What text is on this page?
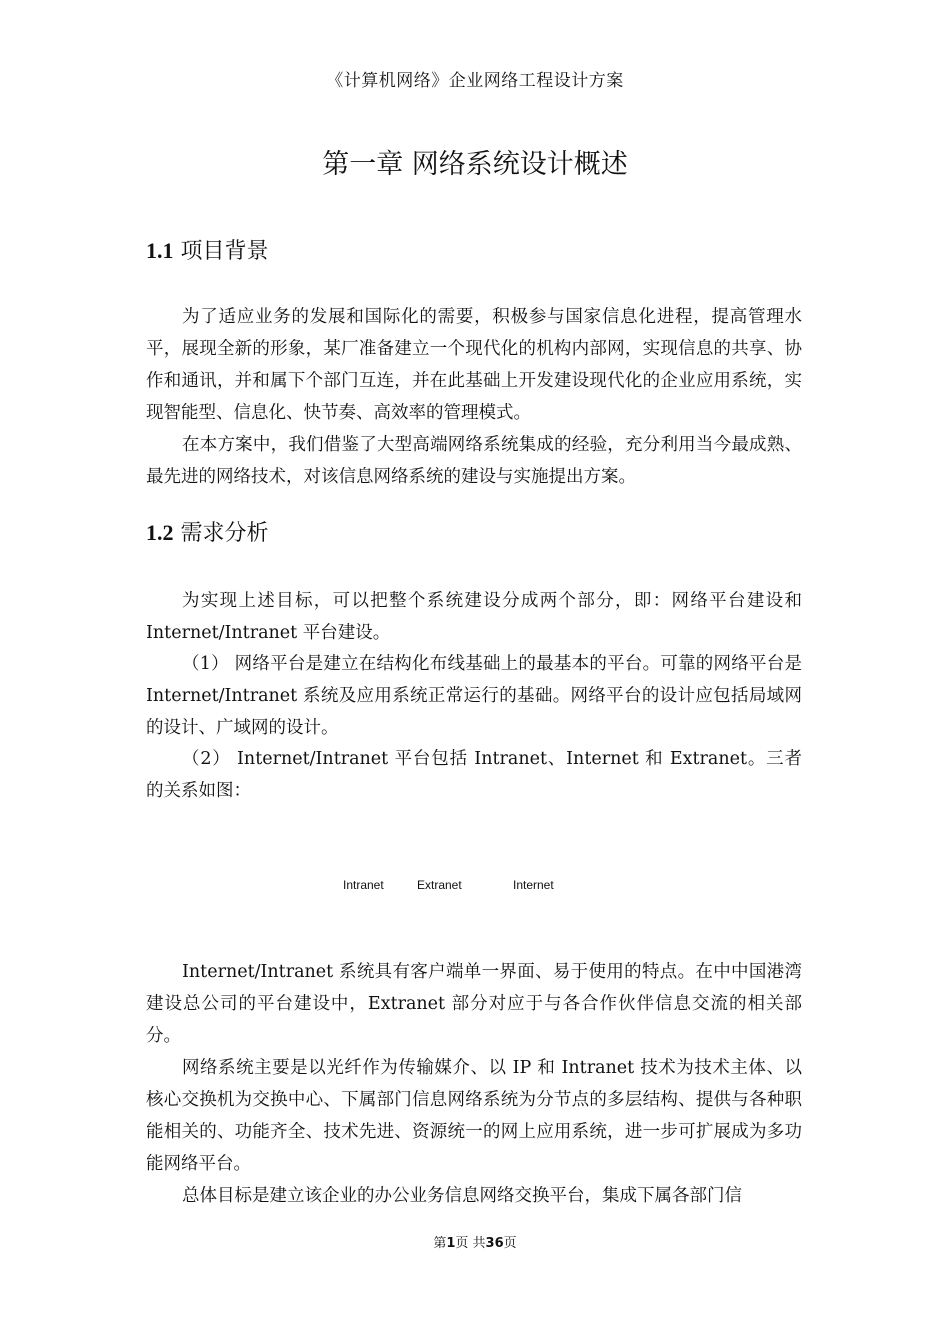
《计算机网络》企业网络工程设计方案
第一章 网络系统设计概述
1.1 项目背景

为了适应业务的发展和国际化的需要，积极参与国家信息化进程，提高管理水平，展现全新的形象，某厂准备建立一个现代化的机构内部网，实现信息的共享、协作和通讯，并和属下个部门互连，并在此基础上开发建设现代化的企业应用系统，实现智能型、信息化、快节奏、高效率的管理模式。

在本方案中，我们借鉴了大型高端网络系统集成的经验，充分利用当今最成熟、最先进的网络技术，对该信息网络系统的建设与实施提出方案。

1.2 需求分析

为实现上述目标，可以把整个系统建设分成两个部分，即：网络平台建设和 Internet/Intranet 平台建设。

（1） 网络平台是建立在结构化布线基础上的最基本的平台。可靠的网络平台是 Internet/Intranet 系统及应用系统正常运行的基础。网络平台的设计应包括局域网的设计、广域网的设计。

（2） Internet/Intranet 平台包括 Intranet、Internet 和 Extranet。三者的关系如图：

Intranet	Extranet	Internet

Internet/Intranet 系统具有客户端单一界面、易于使用的特点。在中中国港湾建设总公司的平台建设中，Extranet 部分对应于与各合作伙伴信息交流的相关部分。

网络系统主要是以光纤作为传输媒介、以 IP 和 Intranet 技术为技术主体、以核心交换机为交换中心、下属部门信息网络系统为分节点的多层结构、提供与各种职能相关的、功能齐全、技术先进、资源统一的网上应用系统，进一步可扩展成为多功能网络平台。

总体目标是建立该企业的办公业务信息网络交换平台，集成下属各部门信

第1页 共36页
